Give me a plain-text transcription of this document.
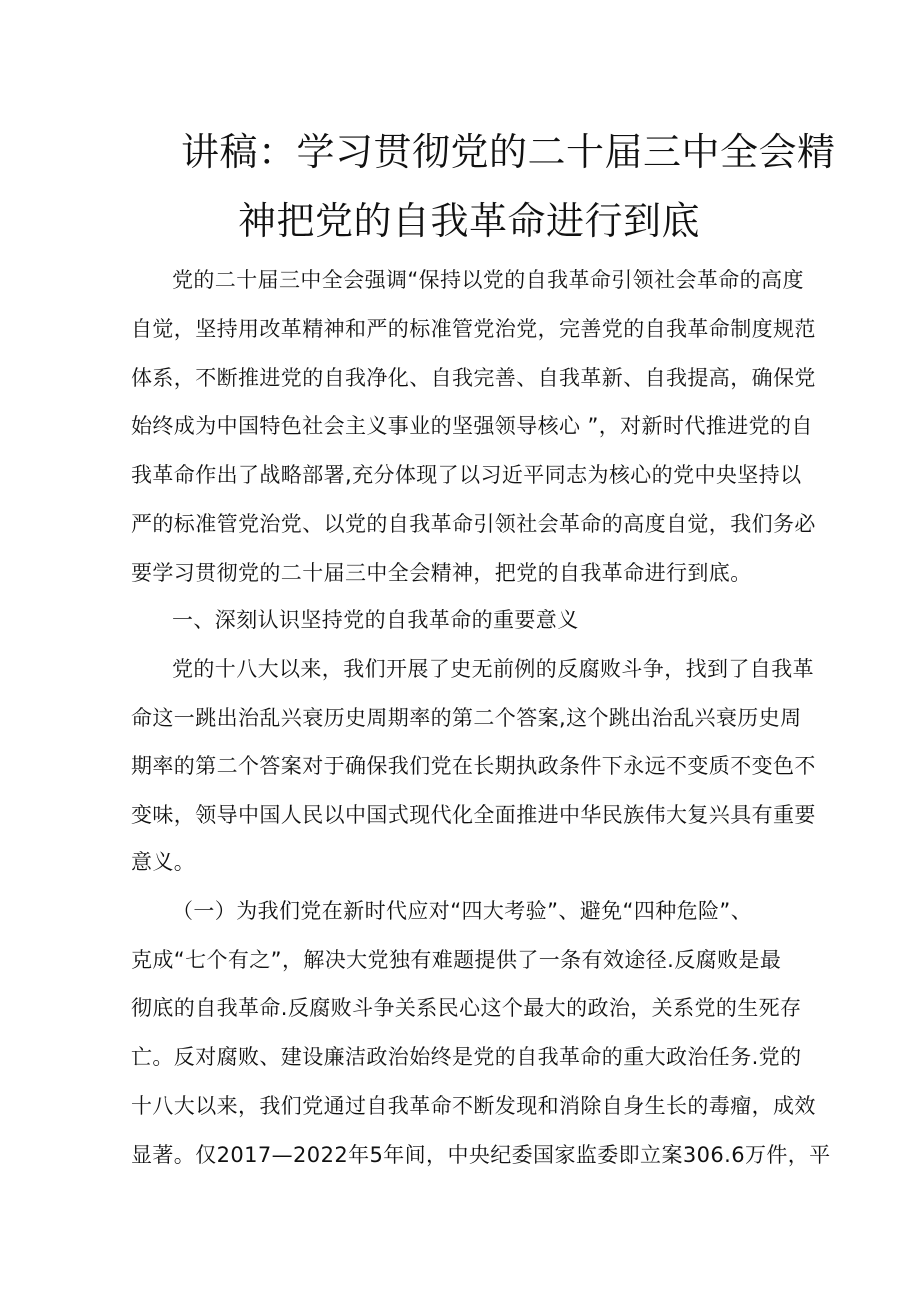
讲稿：学习贯彻党的二十届三中全会精
神把党的自我革命进行到底
党的二十届三中全会强调“保持以党的自我革命引领社会革命的高度
自觉，坚持用改革精神和严的标准管党治党，完善党的自我革命制度规范
体系，不断推进党的自我净化、自我完善、自我革新、自我提高，确保党
始终成为中国特色社会主义事业的坚强领导核心 ”，对新时代推进党的自
我革命作出了战略部署,充分体现了以习近平同志为核心的党中央坚持以
严的标准管党治党、以党的自我革命引领社会革命的高度自觉，我们务必
要学习贯彻党的二十届三中全会精神，把党的自我革命进行到底。
一、深刻认识坚持党的自我革命的重要意义
党的十八大以来，我们开展了史无前例的反腐败斗争，找到了自我革
命这一跳出治乱兴衰历史周期率的第二个答案,这个跳出治乱兴衰历史周
期率的第二个答案对于确保我们党在长期执政条件下永远不变质不变色不
变味，领导中国人民以中国式现代化全面推进中华民族伟大复兴具有重要
意义。
（一）为我们党在新时代应对“四大考验”、避免“四种危险”、
克成“七个有之”，解决大党独有难题提供了一条有效途径.反腐败是最
彻底的自我革命.反腐败斗争关系民心这个最大的政治，关系党的生死存
亡。反对腐败、建设廉洁政治始终是党的自我革命的重大政治任务.党的
十八大以来，我们党通过自我革命不断发现和消除自身生长的毒瘤，成效
显著。仅2017—2022年5年间，中央纪委国家监委即立案306.6万件，平
